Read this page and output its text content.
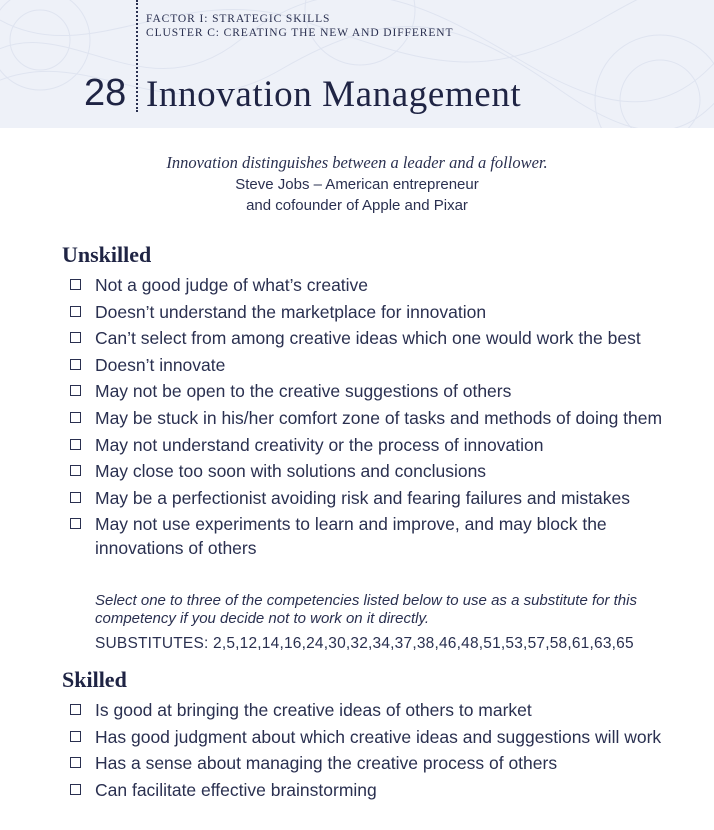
FACTOR I: STRATEGIC SKILLS
CLUSTER C: CREATING THE NEW AND DIFFERENT
28 Innovation Management
Innovation distinguishes between a leader and a follower.
Steve Jobs – American entrepreneur
and cofounder of Apple and Pixar
Unskilled
Not a good judge of what’s creative
Doesn’t understand the marketplace for innovation
Can’t select from among creative ideas which one would work the best
Doesn’t innovate
May not be open to the creative suggestions of others
May be stuck in his/her comfort zone of tasks and methods of doing them
May not understand creativity or the process of innovation
May close too soon with solutions and conclusions
May be a perfectionist avoiding risk and fearing failures and mistakes
May not use experiments to learn and improve, and may block the innovations of others
Select one to three of the competencies listed below to use as a substitute for this competency if you decide not to work on it directly.
SUBSTITUTES: 2,5,12,14,16,24,30,32,34,37,38,46,48,51,53,57,58,61,63,65
Skilled
Is good at bringing the creative ideas of others to market
Has good judgment about which creative ideas and suggestions will work
Has a sense about managing the creative process of others
Can facilitate effective brainstorming
